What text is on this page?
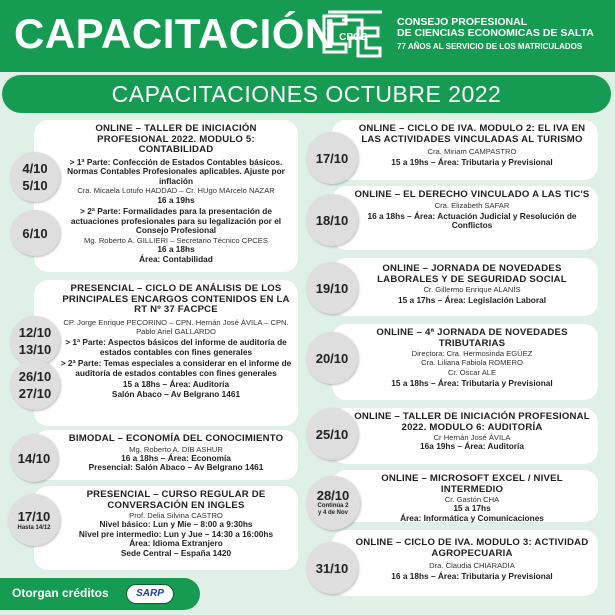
CAPACITACIÓN CPCE
CONSEJO PROFESIONAL
DE CIENCIAS ECONOMICAS DE SALTA
77 AÑOS AL SERVICIO DE LOS MATRICULADOS
CAPACITACIONES OCTUBRE 2022
ONLINE – TALLER DE INICIACIÓN PROFESIONAL 2022. MODULO 5: CONTABILIDAD
> 1ª Parte: Confección de Estados Contables básicos. Normas Contables Profesionales aplicables. Ajuste por inflación
Cra. Micaela Lotufo HADDAD – Cr. HUgo MArcelo NAZAR
16 a 19hs
> 2ª Parte: Formalidades para la presentación de actuaciones profesionales para su legalización por el Consejo Profesional
Mg. Roberto A. GILLIERI – Secretario Técnico CPCES
16 a 18hs
Área: Contabilidad
4/10
5/10
6/10
PRESENCIAL – CICLO DE ANÁLISIS DE LOS PRINCIPALES ENCARGOS CONTENIDOS EN LA RT Nº 37 FACPCE
CP. Jorge Enrique PECORINO – CPN. Hernán José ÁVILA – CPN. Pablo Ariel GALLARDO
> 1ª Parte: Aspectos básicos del informe de auditoría de estados contables con fines generales
> 2ª Parte: Temas especiales a considerar en el informe de auditoría de estados contables con fines generales
15 a 18hs – Área: Auditoría
Salón Abaco – Av Belgrano 1461
12/10
13/10
26/10
27/10
BIMODAL – ECONOMÍA DEL CONOCIMIENTO
Mg. Roberto A. DIB ASHUR
16 a 18hs – Área: Economía
Presencial: Salón Abaco – Av Belgrano 1461
14/10
PRESENCIAL – CURSO REGULAR DE CONVERSACIÓN EN INGLES
Prof. Delia Silvina CASTRO
Nivel básico: Lun y Mie – 8:00 a 9:30hs
Nivel pre intermedio: Lun y Jue – 14:30 a 16:00hs
Área: Idioma Extranjero
Sede Central – España 1420
17/10
Hasta 14/12
ONLINE – CICLO DE IVA. MODULO 2: EL IVA EN LAS ACTIVIDADES VINCULADAS AL TURISMO
Cra. Miriam CAMPASTRO
15 a 19hs – Área: Tributaria y Previsional
17/10
ONLINE – EL DERECHO VINCULADO A LAS TIC'S
Cra. Elizabeth SAFAR
16 a 18hs – Área: Actuación Judicial y Resolución de Conflictos
18/10
ONLINE – JORNADA DE NOVEDADES LABORALES Y DE SEGURIDAD SOCIAL
Cr. Gillermo Enrique ALANÍS
15 a 17hs – Área: Legislación Laboral
19/10
ONLINE – 4ª JORNADA DE NOVEDADES TRIBUTARIAS
Directora: Cra. Hermosinda EGÜEZ
Cra. Liliana Fabiola ROMERO
Cr. Oscar ALE
15 a 18hs – Área: Tributaria y Previsional
20/10
ONLINE – TALLER DE INICIACIÓN PROFESIONAL 2022. MODULO 6: AUDITORÍA
Cr Hernán José ÁVILA
16a 19hs – Área: Auditoría
25/10
ONLINE – MICROSOFT EXCEL / NIVEL INTERMEDIO
Cr. Gastón CHA
15 a 17hs
Área: Informática y Comunicaciones
28/10
Continúa 2
y 4 de Nov
ONLINE – CICLO DE IVA. MODULO 3: ACTIVIDAD AGROPECUARIA
Dra. Claudia CHIARADIA
16 a 18hs – Área: Tributaria y Previsional
31/10
Otorgan créditos	SARP
